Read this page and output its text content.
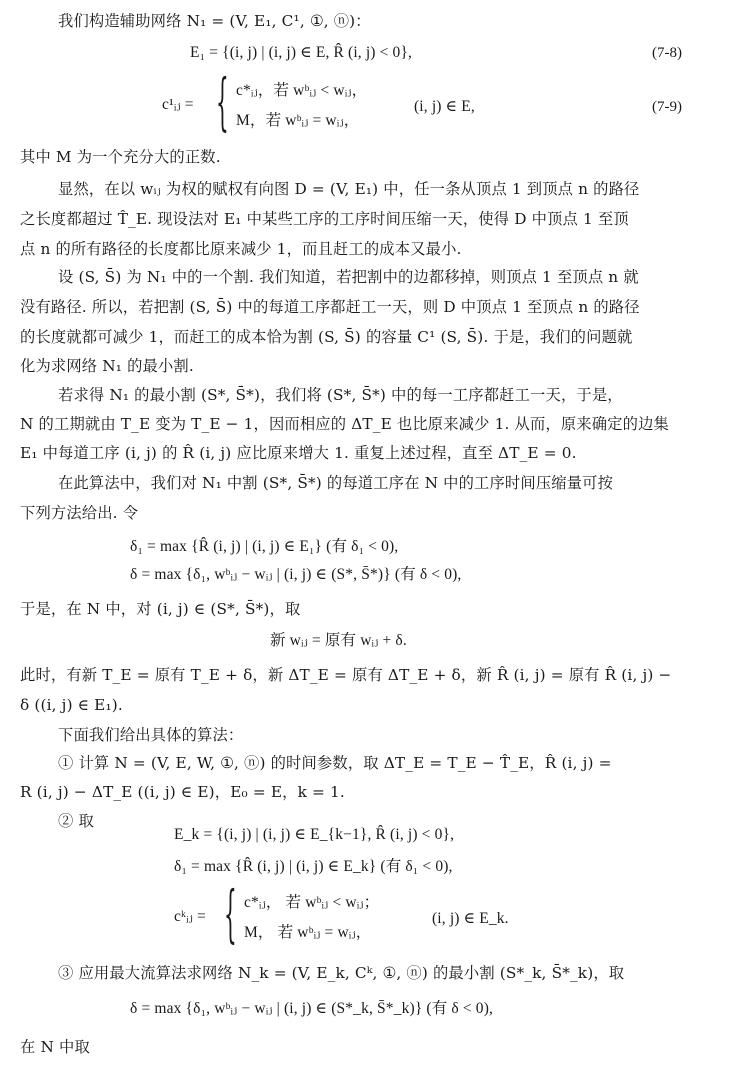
我们构造辅助网络 N₁ = (V, E₁, C¹, ①, ⓝ)：
E₁ = {(i, j) | (i, j) ∈ E, R̂ (i, j) < 0},	(7-8)
c¹ᵢⱼ = { c*ᵢⱼ，若 wᵇᵢⱼ < wᵢⱼ，
M，若 wᵇᵢⱼ = wᵢⱼ，
(i, j) ∈ E,	(7-9)
其中 M 为一个充分大的正数.
显然，在以 wᵢⱼ 为权的赋权有向图 D = (V, E₁) 中，任一条从顶点 1 到顶点 n 的路径
之长度都超过 T̂_E. 现设法对 E₁ 中某些工序的工序时间压缩一天，使得 D 中顶点 1 至顶
点 n 的所有路径的长度都比原来减少 1，而且赶工的成本又最小.
设 (S, S̄) 为 N₁ 中的一个割. 我们知道，若把割中的边都移掉，则顶点 1 至顶点 n 就
没有路径. 所以，若把割 (S, S̄) 中的每道工序都赶工一天，则 D 中顶点 1 至顶点 n 的路径
的长度就都可减少 1，而赶工的成本恰为割 (S, S̄) 的容量 C¹ (S, S̄). 于是，我们的问题就
化为求网络 N₁ 的最小割.
若求得 N₁ 的最小割 (S*, S̄*)，我们将 (S*, S̄*) 中的每一工序都赶工一天，于是，
N 的工期就由 T_E 变为 T_E − 1，因而相应的 ΔT_E 也比原来减少 1. 从而，原来确定的边集
E₁ 中每道工序 (i, j) 的 R̂ (i, j) 应比原来增大 1. 重复上述过程，直至 ΔT_E = 0.
在此算法中，我们对 N₁ 中割 (S*, S̄*) 的每道工序在 N 中的工序时间压缩量可按
下列方法给出. 令
δ₁ = max {R̂ (i, j) | (i, j) ∈ E₁} (有 δ₁ < 0),
δ = max {δ₁, wᵇᵢⱼ − wᵢⱼ | (i, j) ∈ (S*, S̄*)} (有 δ < 0),
于是，在 N 中，对 (i, j) ∈ (S*, S̄*)，取
新 wᵢⱼ = 原有 wᵢⱼ + δ.
此时，有新 T_E = 原有 T_E + δ，新 ΔT_E = 原有 ΔT_E + δ，新 R̂ (i, j) = 原有 R̂ (i, j) −
δ ((i, j) ∈ E₁).
下面我们给出具体的算法：
① 计算 N = (V, E, W, ①, ⓝ) 的时间参数，取 ΔT_E = T_E − T̂_E，R̂ (i, j) =
R (i, j) − ΔT_E ((i, j) ∈ E)，E₀ = E，k = 1.
② 取
E_k = {(i, j) | (i, j) ∈ E_{k−1}, R̂ (i, j) < 0},
δ₁ = max {R̂ (i, j) | (i, j) ∈ E_k} (有 δ₁ < 0),
cᵏᵢⱼ = { c*ᵢⱼ， 若 wᵇᵢⱼ < wᵢⱼ；
M， 若 wᵇᵢⱼ = wᵢⱼ，
(i, j) ∈ E_k.
③ 应用最大流算法求网络 N_k = (V, E_k, Cᵏ, ①, ⓝ) 的最小割 (S*_k, S̄*_k)，取
δ = max {δ₁, wᵇᵢⱼ − wᵢⱼ | (i, j) ∈ (S*_k, S̄*_k)} (有 δ < 0),
在 N 中取
